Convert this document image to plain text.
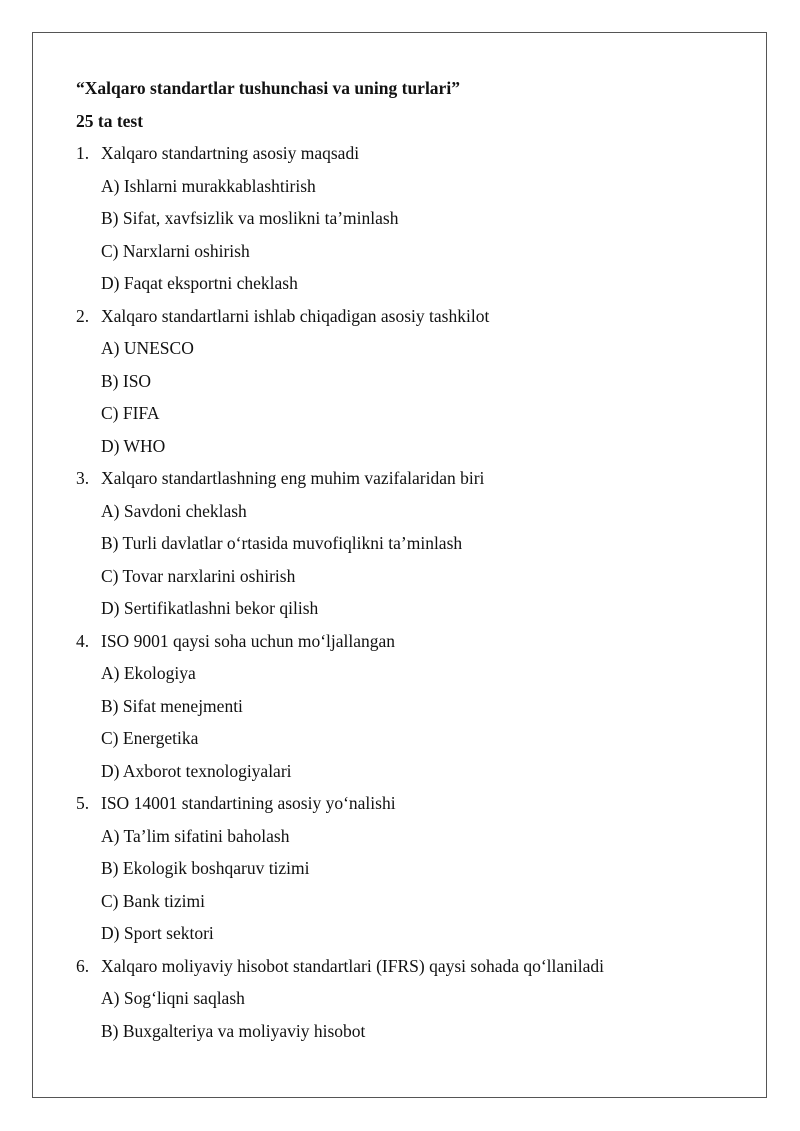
“Xalqaro standartlar tushunchasi va uning turlari”

25 ta test

1. Xalqaro standartning asosiy maqsadi
A) Ishlarni murakkablashtirish
B) Sifat, xavfsizlik va moslikni ta’minlash
C) Narxlarni oshirish
D) Faqat eksportni cheklash
2. Xalqaro standartlarni ishlab chiqadigan asosiy tashkilot
A) UNESCO
B) ISO
C) FIFA
D) WHO
3. Xalqaro standartlashning eng muhim vazifalaridan biri
A) Savdoni cheklash
B) Turli davlatlar o‘rtasida muvofiqlikni ta’minlash
C) Tovar narxlarini oshirish
D) Sertifikatlashni bekor qilish
4. ISO 9001 qaysi soha uchun mo‘ljallangan
A) Ekologiya
B) Sifat menejmenti
C) Energetika
D) Axborot texnologiyalari
5. ISO 14001 standartining asosiy yo‘nalishi
A) Ta’lim sifatini baholash
B) Ekologik boshqaruv tizimi
C) Bank tizimi
D) Sport sektori
6. Xalqaro moliyaviy hisobot standartlari (IFRS) qaysi sohada qo‘llaniladi
A) Sog‘liqni saqlash
B) Buxgalteriya va moliyaviy hisobot
